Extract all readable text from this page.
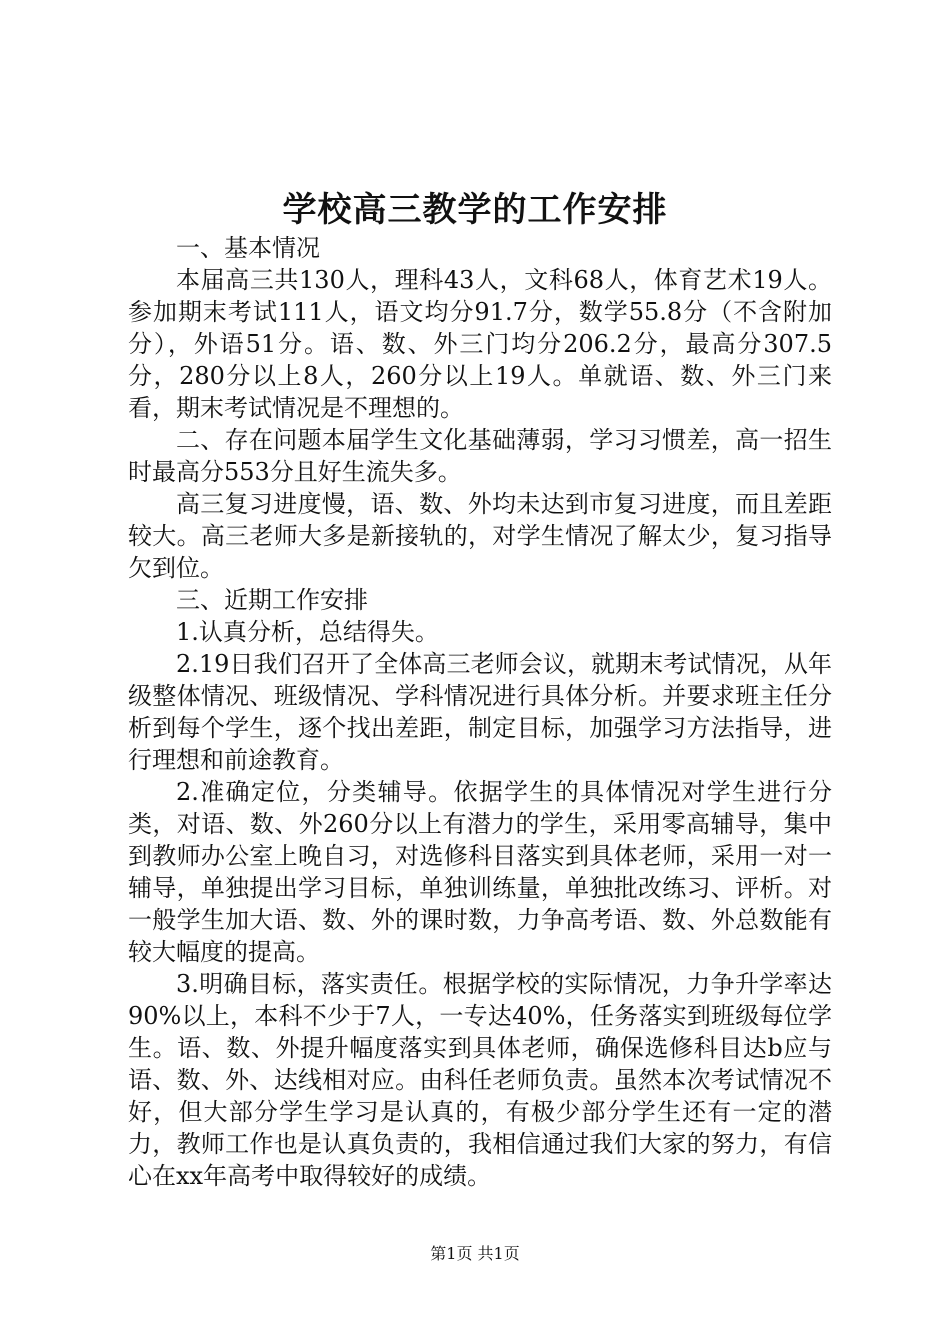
学校高三教学的工作安排

一、基本情况

本届高三共130人，理科43人，文科68人，体育艺术19人。参加期末考试111人，语文均分91.7分，数学55.8分（不含附加分），外语51分。语、数、外三门均分206.2分，最高分307.5分，280分以上8人，260分以上19人。单就语、数、外三门来看，期末考试情况是不理想的。

二、存在问题本届学生文化基础薄弱，学习习惯差，高一招生时最高分553分且好生流失多。

高三复习进度慢，语、数、外均未达到市复习进度，而且差距较大。高三老师大多是新接轨的，对学生情况了解太少，复习指导欠到位。

三、近期工作安排

1.认真分析，总结得失。

2.19日我们召开了全体高三老师会议，就期末考试情况，从年级整体情况、班级情况、学科情况进行具体分析。并要求班主任分析到每个学生，逐个找出差距，制定目标，加强学习方法指导，进行理想和前途教育。

2.准确定位，分类辅导。依据学生的具体情况对学生进行分类，对语、数、外260分以上有潜力的学生，采用零高辅导，集中到教师办公室上晚自习，对选修科目落实到具体老师，采用一对一辅导，单独提出学习目标，单独训练量，单独批改练习、评析。对一般学生加大语、数、外的课时数，力争高考语、数、外总数能有较大幅度的提高。

3.明确目标，落实责任。根据学校的实际情况，力争升学率达90%以上，本科不少于7人，一专达40%，任务落实到班级每位学生。语、数、外提升幅度落实到具体老师，确保选修科目达b应与语、数、外、达线相对应。由科任老师负责。虽然本次考试情况不好，但大部分学生学习是认真的，有极少部分学生还有一定的潜力，教师工作也是认真负责的，我相信通过我们大家的努力，有信心在xx年高考中取得较好的成绩。

第1页 共1页
